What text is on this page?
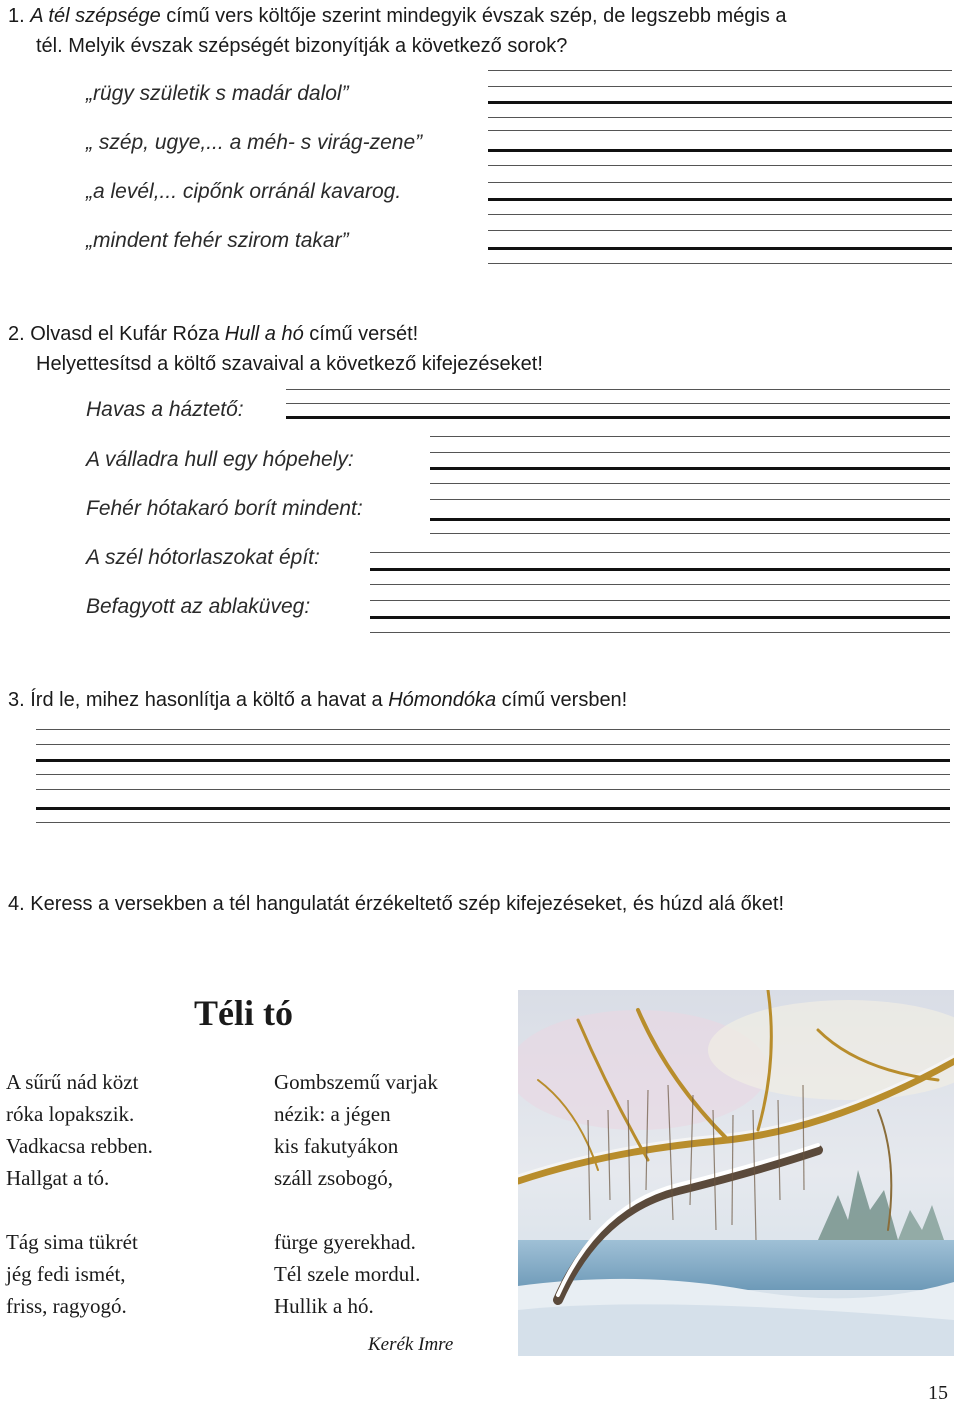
1. A tél szépsége című vers költője szerint mindegyik évszak szép, de legszebb mégis a
tél. Melyik évszak szépségét bizonyítják a következő sorok?
„rügy születik s madár dalol”
„ szép, ugye,... a méh- s virág-zene”
„a levél,... cipőnk orránál kavarog.
„mindent fehér szirom takar”
2. Olvasd el Kufár Róza Hull a hó című versét!
Helyettesítsd a költő szavaival a következő kifejezéseket!
Havas a háztető:
A válladra hull egy hópehely:
Fehér hótakaró borít mindent:
A szél hótorlaszokat épít:
Befagyott az ablaküveg:
3. Írd le, mihez hasonlítja a költő a havat a Hómondóka című versben!
4. Keress a versekben a tél hangulatát érzékeltető szép kifejezéseket, és húzd alá őket!
Téli tó
A sűrű nád közt
róka lopakszik.
Vadkacsa rebben.
Hallgat a tó.

Tág sima tükrét
jég fedi ismét,
friss, ragyogó.
Gombszemű varjak
nézik: a jégen
kis fakutyákon
száll zsobogó,

fürge gyerekhad.
Tél szele mordul.
Hullik a hó.
Kerék Imre
15
